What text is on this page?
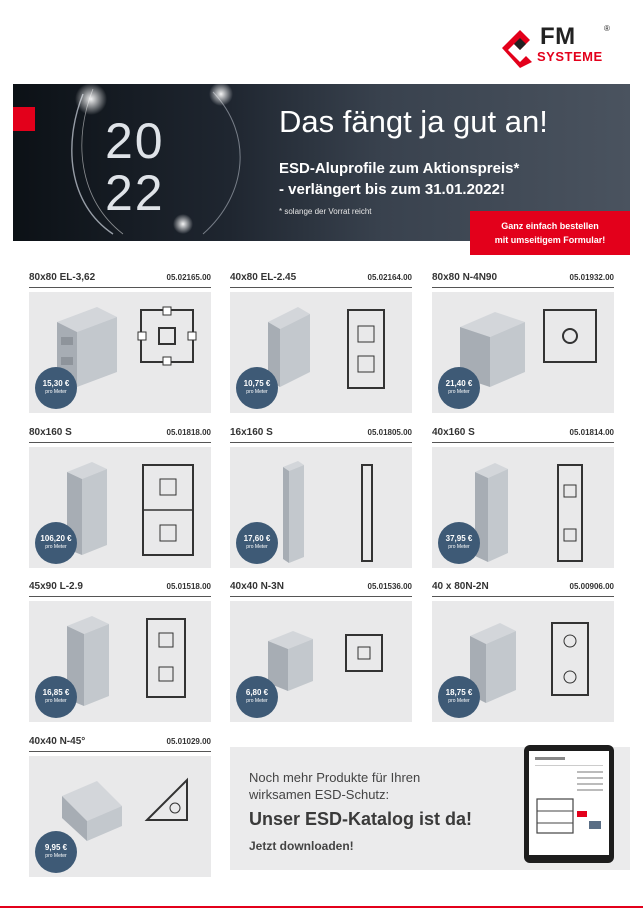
FM	®
SYSTEME
20
22
Das fängt ja gut an!
ESD-Aluprofile zum Aktionspreis*
- verlängert bis zum 31.01.2022!
* solange der Vorrat reicht
Ganz einfach bestellen
mit umseitigem Formular!
80x80 EL-3,62	05.02165.00
15,30 €
pro Meter
40x80 EL-2.45	05.02164.00
10,75 €
pro Meter
80x80 N-4N90	05.01932.00
21,40 €
pro Meter
80x160 S	05.01818.00
106,20 €
pro Meter
16x160 S	05.01805.00
17,60 €
pro Meter
40x160 S	05.01814.00
37,95 €
pro Meter
45x90 L-2.9	05.01518.00
16,85 €
pro Meter
40x40 N-3N	05.01536.00
6,80 €
pro Meter
40 x 80N-2N	05.00906.00
18,75 €
pro Meter
40x40 N-45°	05.01029.00
9,95 €
pro Meter
Noch mehr Produkte für Ihren
wirksamen ESD-Schutz:
Unser ESD-Katalog ist da!
Jetzt downloaden!
